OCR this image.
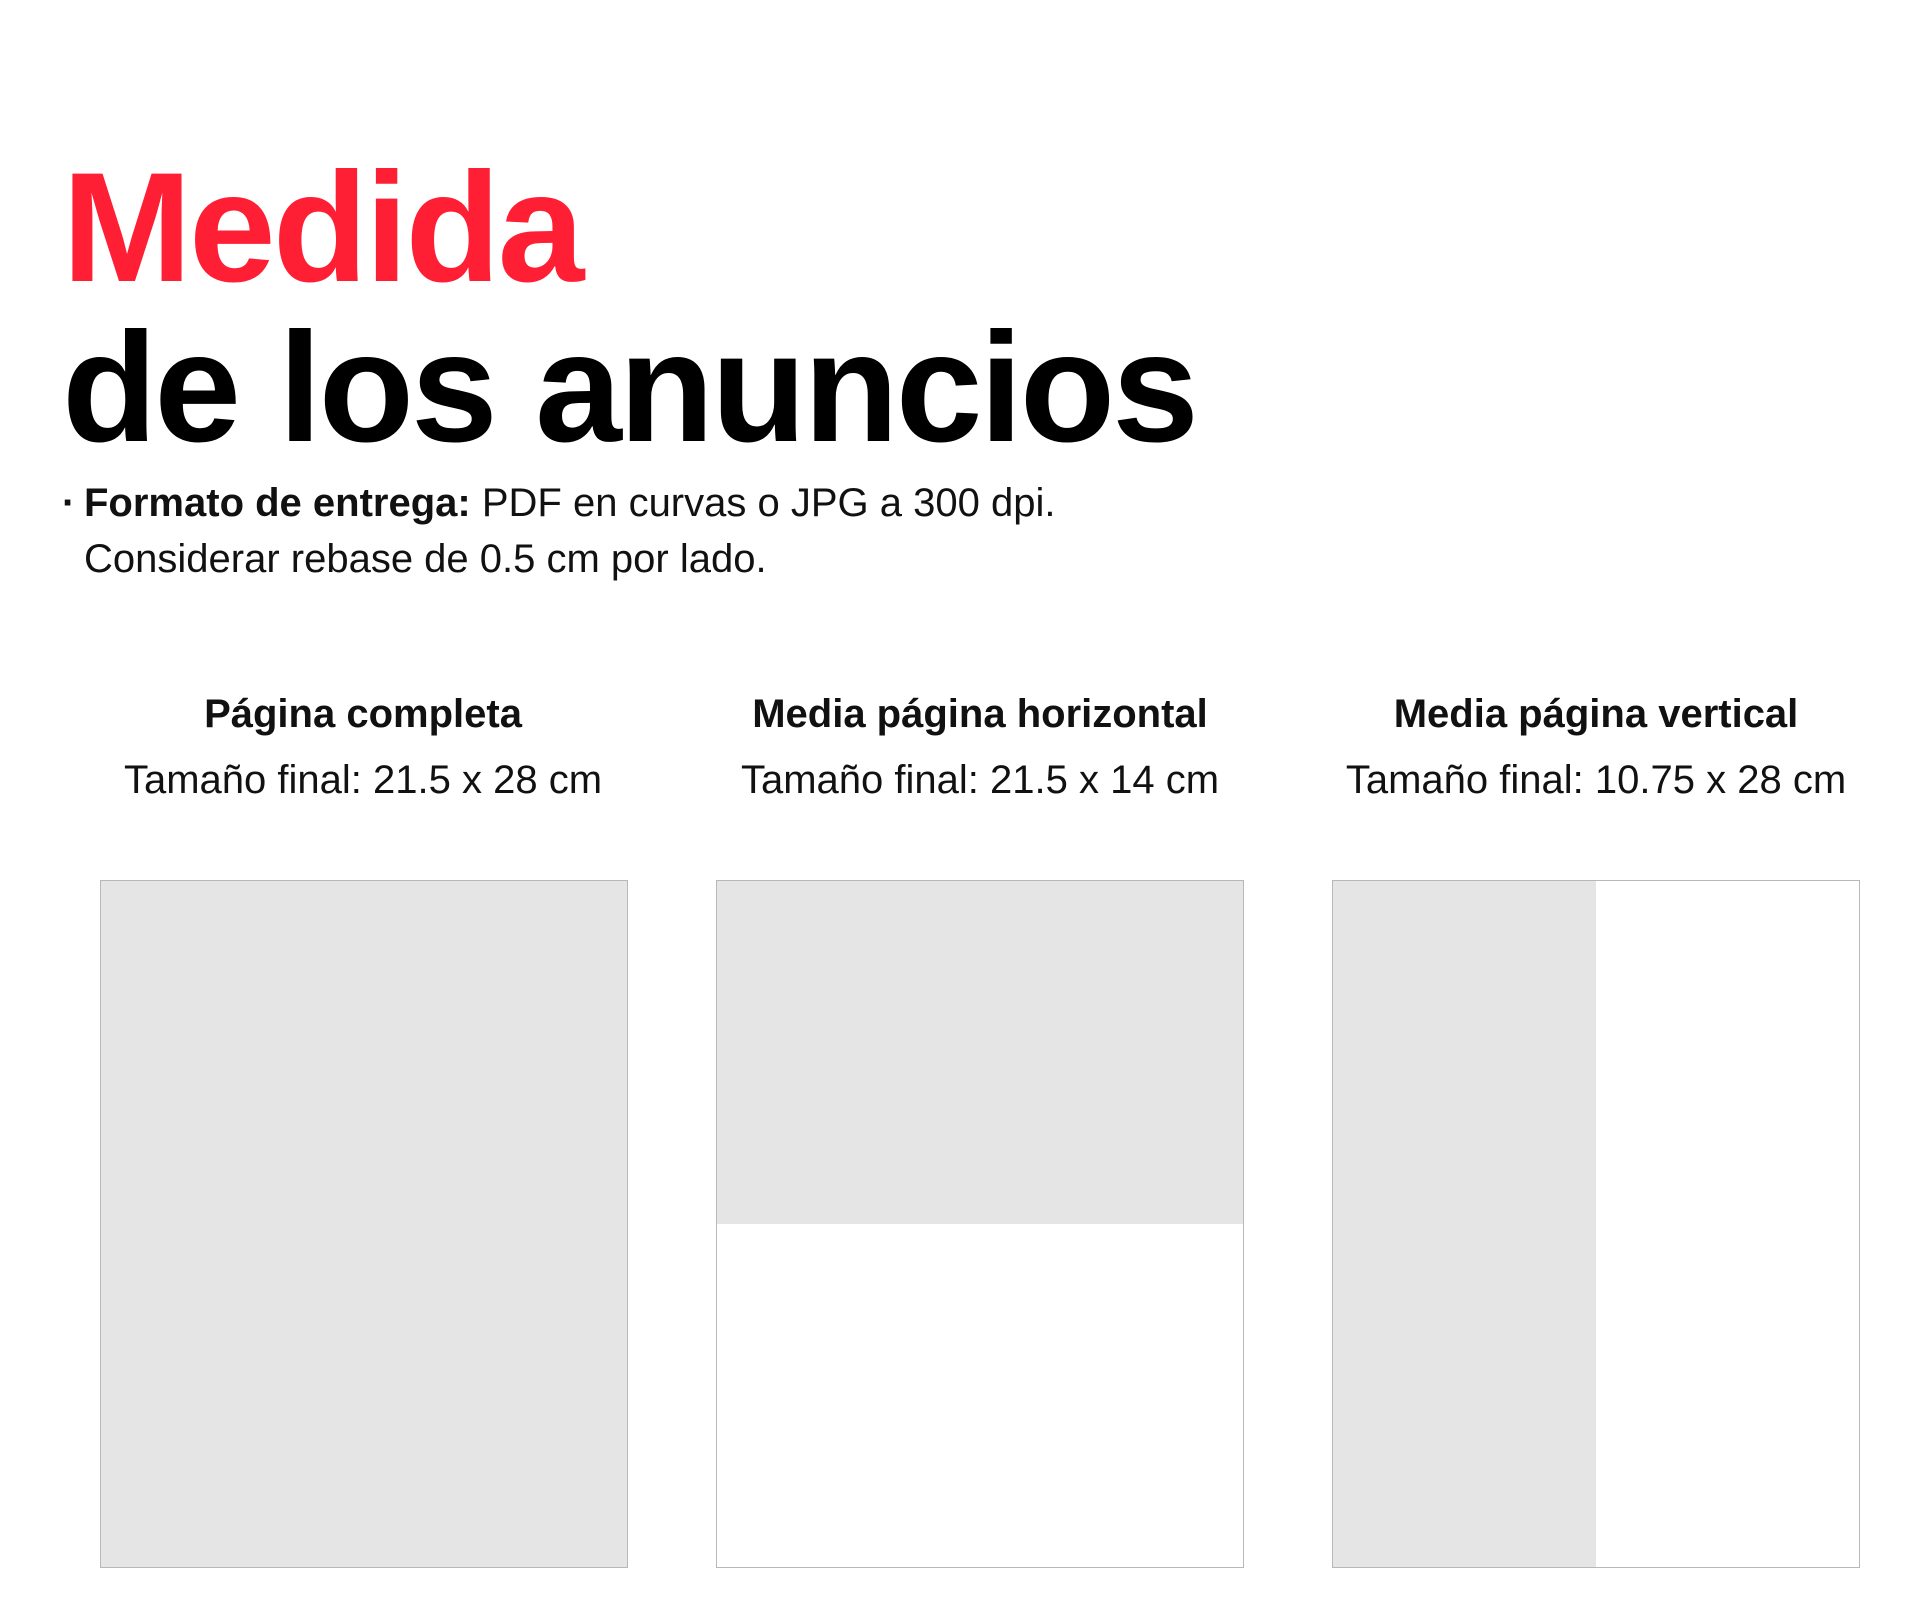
Medida
de los anuncios
· Formato de entrega: PDF en curvas o JPG a 300 dpi.
Considerar rebase de 0.5 cm por lado.
Página completa
Tamaño final: 21.5 x 28 cm
Media página horizontal
Tamaño final: 21.5 x 14 cm
Media página vertical
Tamaño final: 10.75 x 28 cm
